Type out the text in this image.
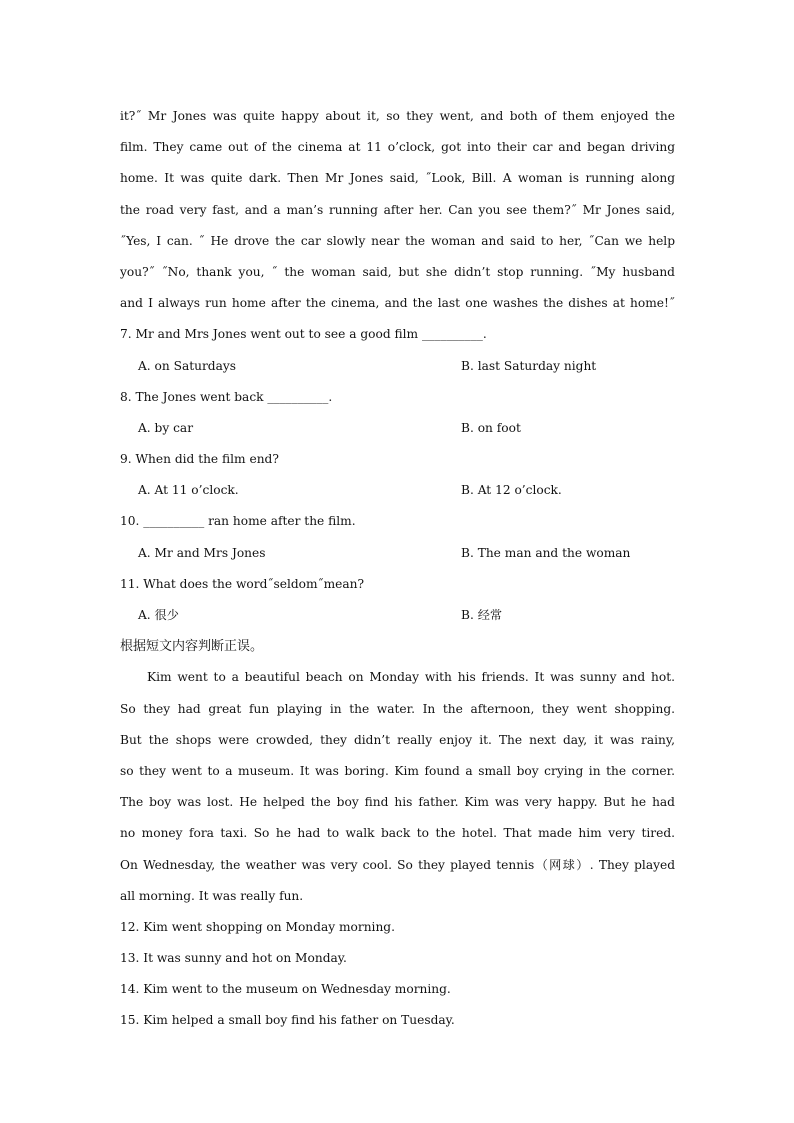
it?˝ Mr Jones was quite happy about it, so they went, and both of them enjoyed the
film. They came out of the cinema at 11 o’clock, got into their car and began driving
home. It was quite dark. Then Mr Jones said, ˝Look, Bill. A woman is running along
the road very fast, and a man’s running after her. Can you see them?˝ Mr Jones said,
˝Yes, I can. ˝ He drove the car slowly near the woman and said to her, ˝Can we help
you?˝ ˝No, thank you, ˝ the woman said, but she didn’t stop running. ˝My husband
and I always run home after the cinema, and the last one washes the dishes at home!˝
7. Mr and Mrs Jones went out to see a good film __________.
A. on Saturdays	B. last Saturday night
8. The Jones went back __________.
A. by car	B. on foot
9. When did the film end?
A. At 11 o’clock.	B. At 12 o’clock.
10. __________ ran home after the film.
A. Mr and Mrs Jones	B. The man and the woman
11. What does the word˝seldom˝mean?
A. 很少	B. 经常
根据短文内容判断正误。
Kim went to a beautiful beach on Monday with his friends. It was sunny and hot.
So they had great fun playing in the water. In the afternoon, they went shopping.
But the shops were crowded, they didn’t really enjoy it. The next day, it was rainy,
so they went to a museum. It was boring. Kim found a small boy crying in the corner.
The boy was lost. He helped the boy find his father. Kim was very happy. But he had
no money fora taxi. So he had to walk back to the hotel. That made him very tired.
On Wednesday, the weather was very cool. So they played tennis（网球）. They played
all morning. It was really fun.
12. Kim went shopping on Monday morning.
13. It was sunny and hot on Monday.
14. Kim went to the museum on Wednesday morning.
15. Kim helped a small boy find his father on Tuesday.
